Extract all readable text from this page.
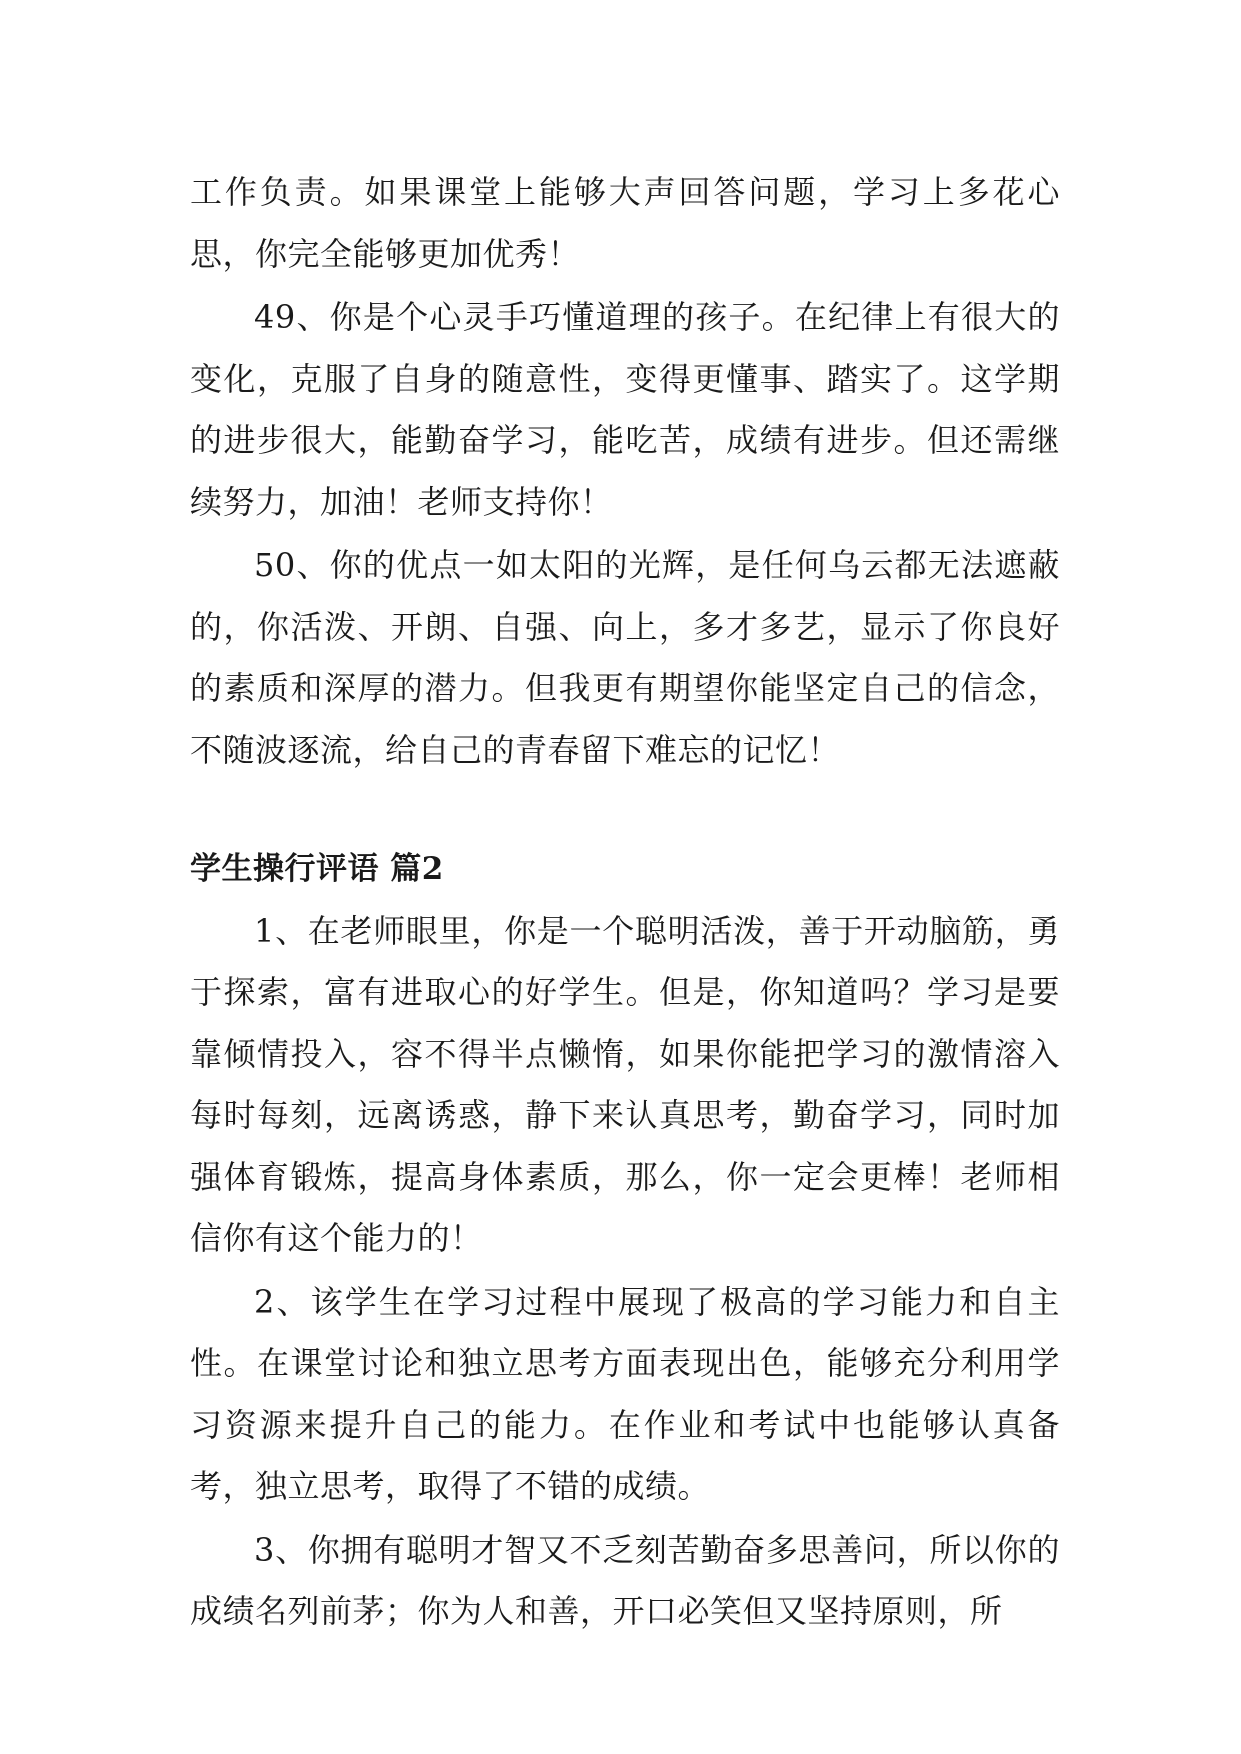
工作负责。如果课堂上能够大声回答问题，学习上多花心思，你完全能够更加优秀！

49、你是个心灵手巧懂道理的孩子。在纪律上有很大的变化，克服了自身的随意性，变得更懂事、踏实了。这学期的进步很大，能勤奋学习，能吃苦，成绩有进步。但还需继续努力，加油！老师支持你！

50、你的优点一如太阳的光辉，是任何乌云都无法遮蔽的，你活泼、开朗、自强、向上，多才多艺，显示了你良好的素质和深厚的潜力。但我更有期望你能坚定自己的信念，不随波逐流，给自己的青春留下难忘的记忆！

学生操行评语 篇2

1、在老师眼里，你是一个聪明活泼，善于开动脑筋，勇于探索，富有进取心的好学生。但是，你知道吗？学习是要靠倾情投入，容不得半点懒惰，如果你能把学习的激情溶入每时每刻，远离诱惑，静下来认真思考，勤奋学习，同时加强体育锻炼，提高身体素质，那么，你一定会更棒！老师相信你有这个能力的！

2、该学生在学习过程中展现了极高的学习能力和自主性。在课堂讨论和独立思考方面表现出色，能够充分利用学习资源来提升自己的能力。在作业和考试中也能够认真备考，独立思考，取得了不错的成绩。

3、你拥有聪明才智又不乏刻苦勤奋多思善问，所以你的成绩名列前茅；你为人和善，开口必笑但又坚持原则，所
